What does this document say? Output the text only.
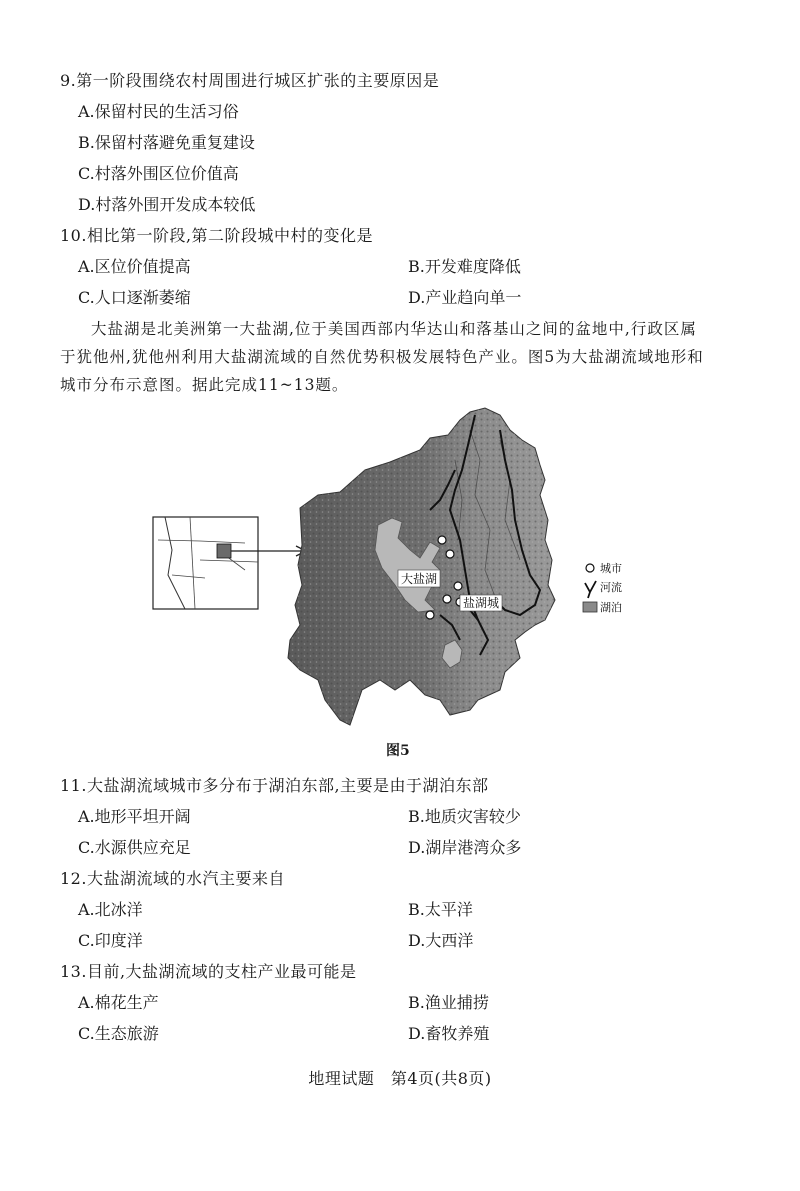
9.第一阶段围绕农村周围进行城区扩张的主要原因是
A.保留村民的生活习俗
B.保留村落避免重复建设
C.村落外围区位价值高
D.村落外围开发成本较低
10.相比第一阶段,第二阶段城中村的变化是
A.区位价值提高	B.开发难度降低
C.人口逐渐萎缩	D.产业趋向单一
大盐湖是北美洲第一大盐湖,位于美国西部内华达山和落基山之间的盆地中,行政区属
于犹他州,犹他州利用大盐湖流域的自然优势积极发展特色产业。图5为大盐湖流域地形和
城市分布示意图。据此完成11~13题。
大盐湖
盐湖城
城市
河流
湖泊
图5
11.大盐湖流域城市多分布于湖泊东部,主要是由于湖泊东部
A.地形平坦开阔	B.地质灾害较少
C.水源供应充足	D.湖岸港湾众多
12.大盐湖流域的水汽主要来自
A.北冰洋	B.太平洋
C.印度洋	D.大西洋
13.目前,大盐湖流域的支柱产业最可能是
A.棉花生产	B.渔业捕捞
C.生态旅游	D.畜牧养殖
地理试题　第4页(共8页)
